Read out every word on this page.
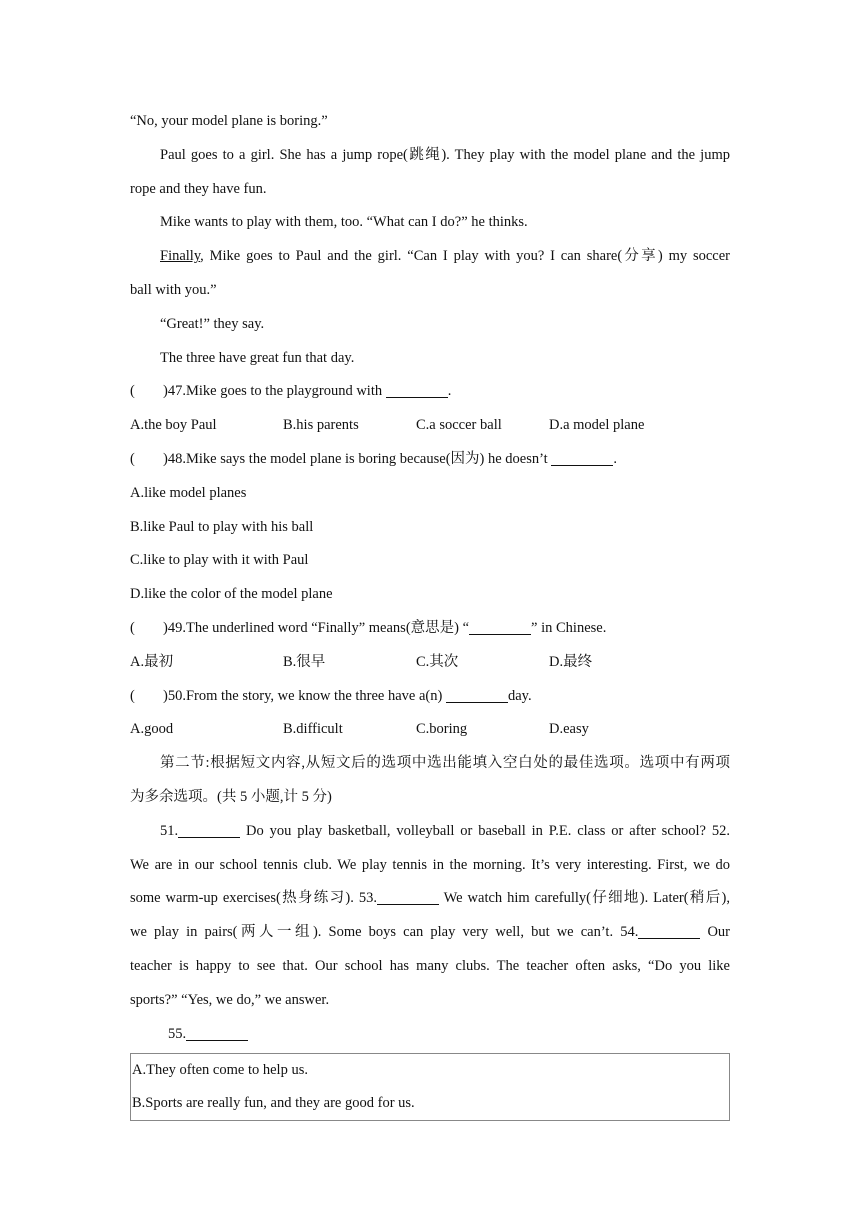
“No, your model plane is boring.”
Paul goes to a girl. She has a jump rope(跳绳). They play with the model plane and the jump
rope and they have fun.
Mike wants to play with them, too. “What can I do?” he thinks.
Finally, Mike goes to Paul and the girl. “Can I play with you? I can share(分享) my soccer
ball with you.”
“Great!” they say.
The three have great fun that day.
( )47.Mike goes to the playground with	.
A.the boy Paul	B.his parents	C.a soccer ball	D.a model plane
( )48.Mike says the model plane is boring because(因为) he doesn’t	.
A.like model planes
B.like Paul to play with his ball
C.like to play with it with Paul
D.like the color of the model plane
( )49.The underlined word “Finally” means(意思是) “	” in Chinese.
A.最初	B.很早	C.其次	D.最终
( )50.From the story, we know the three have a(n)	day.
A.good	B.difficult	C.boring	D.easy
第二节:根据短文内容,从短文后的选项中选出能填入空白处的最佳选项。选项中有两项
为多余选项。(共 5 小题,计 5 分)
51.	Do you play basketball, volleyball or baseball in P.E. class or after school? 52.
We are in our school tennis club. We play tennis in the morning. It’s very interesting. First, we do
some warm-up exercises(热身练习). 53.	We watch him carefully(仔细地). Later(稍后),
we play in pairs(两人一组). Some boys can play very well, but we can’t. 54.	Our
teacher is happy to see that. Our school has many clubs. The teacher often asks, “Do you like
sports?” “Yes, we do,” we answer.
55.
A.They often come to help us.
B.Sports are really fun, and they are good for us.
